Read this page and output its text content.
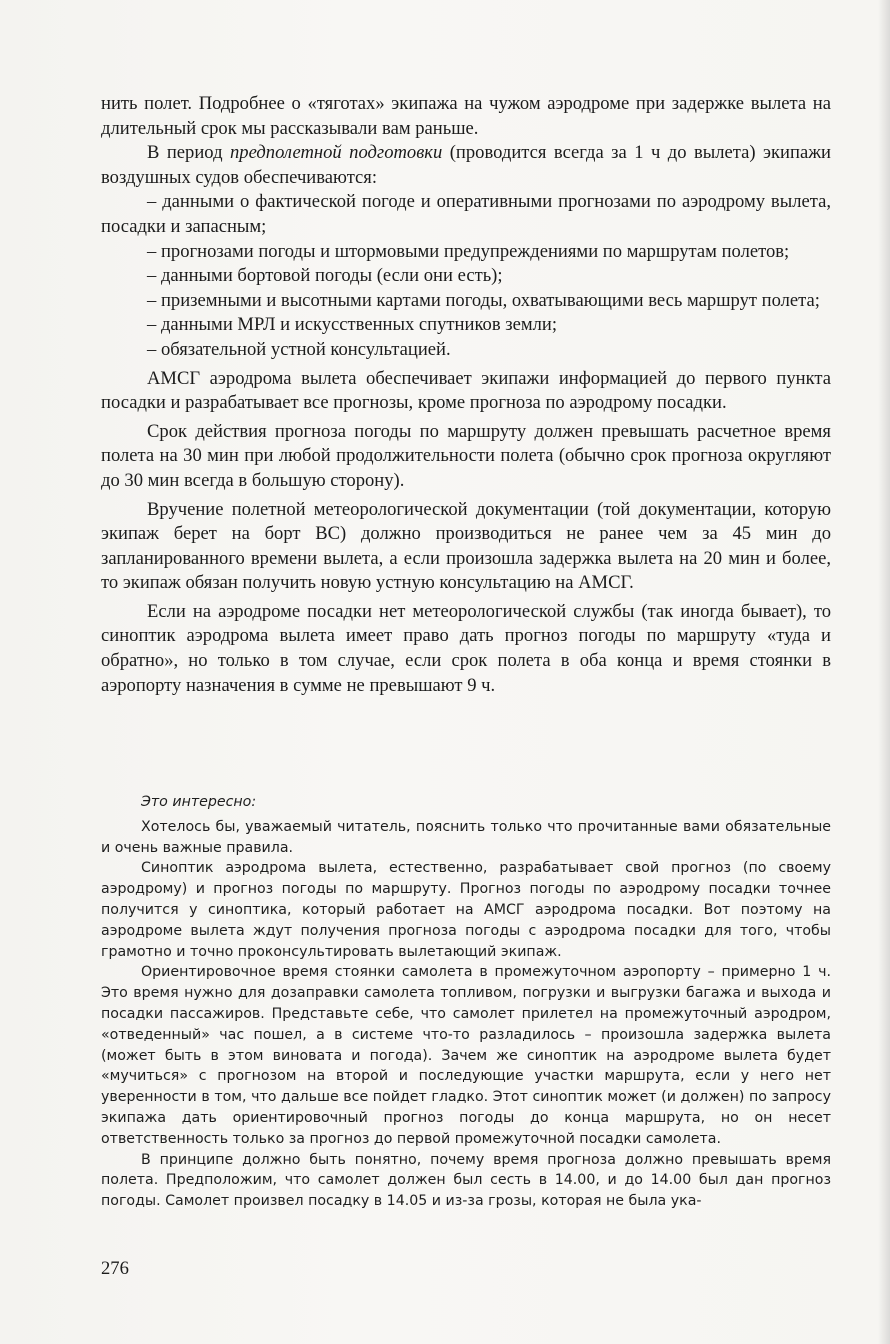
нить полет. Подробнее о «тяготах» экипажа на чужом аэродроме при задержке вылета на длительный срок мы рассказывали вам раньше.

В период предполетной подготовки (проводится всегда за 1 ч до вылета) экипажи воздушных судов обеспечиваются:

– данными о фактической погоде и оперативными прогнозами по аэродрому вылета, посадки и запасным;

– прогнозами погоды и штормовыми предупреждениями по маршрутам полетов;

– данными бортовой погоды (если они есть);

– приземными и высотными картами погоды, охватывающими весь маршрут полета;

– данными МРЛ и искусственных спутников земли;

– обязательной устной консультацией.

АМСГ аэродрома вылета обеспечивает экипажи информацией до первого пункта посадки и разрабатывает все прогнозы, кроме прогноза по аэродрому посадки.

Срок действия прогноза погоды по маршруту должен превышать расчетное время полета на 30 мин при любой продолжительности полета (обычно срок прогноза округляют до 30 мин всегда в большую сторону).

Вручение полетной метеорологической документации (той документации, которую экипаж берет на борт ВС) должно производиться не ранее чем за 45 мин до запланированного времени вылета, а если произошла задержка вылета на 20 мин и более, то экипаж обязан получить новую устную консультацию на АМСГ.

Если на аэродроме посадки нет метеорологической службы (так иногда бывает), то синоптик аэродрома вылета имеет право дать прогноз погоды по маршруту «туда и обратно», но только в том случае, если срок полета в оба конца и время стоянки в аэропорту назначения в сумме не превышают 9 ч.

Это интересно:

Хотелось бы, уважаемый читатель, пояснить только что прочитанные вами обязательные и очень важные правила.

Синоптик аэродрома вылета, естественно, разрабатывает свой прогноз (по своему аэродрому) и прогноз погоды по маршруту. Прогноз погоды по аэродрому посадки точнее получится у синоптика, который работает на АМСГ аэродрома посадки. Вот поэтому на аэродроме вылета ждут получения прогноза погоды с аэродрома посадки для того, чтобы грамотно и точно проконсультировать вылетающий экипаж.

Ориентировочное время стоянки самолета в промежуточном аэропорту – примерно 1 ч. Это время нужно для дозаправки самолета топливом, погрузки и выгрузки багажа и выхода и посадки пассажиров. Представьте себе, что самолет прилетел на промежуточный аэродром, «отведенный» час пошел, а в системе что-то разладилось – произошла задержка вылета (может быть в этом виновата и погода). Зачем же синоптик на аэродроме вылета будет «мучиться» с прогнозом на второй и последующие участки маршрута, если у него нет уверенности в том, что дальше все пойдет гладко. Этот синоптик может (и должен) по запросу экипажа дать ориентировочный прогноз погоды до конца маршрута, но он несет ответственность только за прогноз до первой промежуточной посадки самолета.

В принципе должно быть понятно, почему время прогноза должно превышать время полета. Предположим, что самолет должен был сесть в 14.00, и до 14.00 был дан прогноз погоды. Самолет произвел посадку в 14.05 и из-за грозы, которая не была ука-

276
